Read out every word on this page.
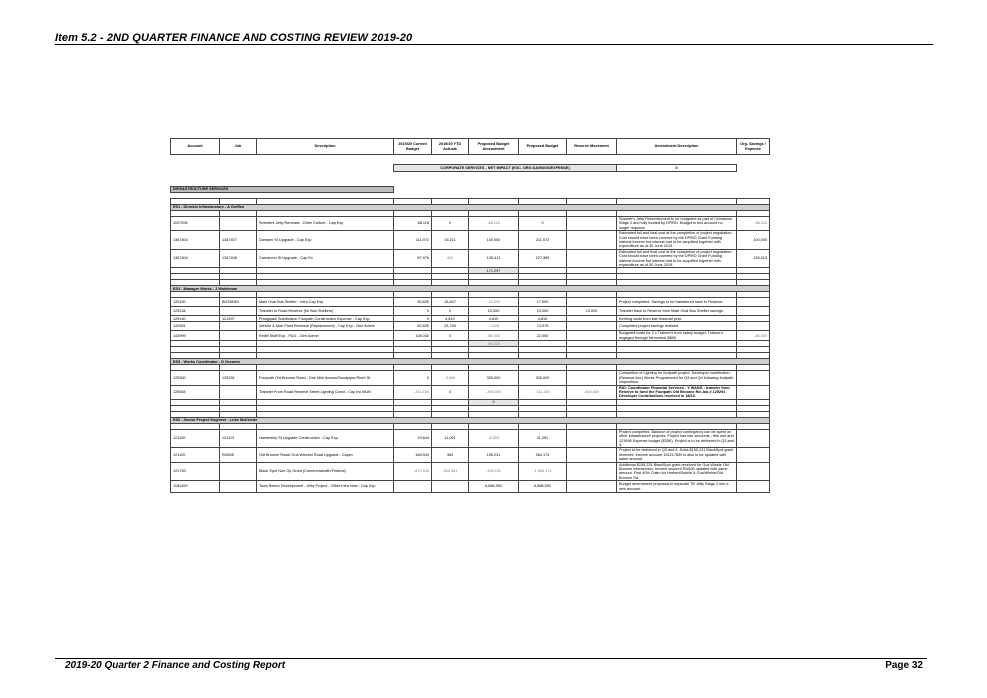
Item 5.2 - 2ND QUARTER FINANCE AND COSTING REVIEW 2019-20
Account	Job	Description	2019/20 Current Budget	2019/20 YTD Actuals	Proposed Budget Amendment	Proposed Budget	Reserve Movement	Amendment Description	Org. Savings / Expense

			CORPORATE SERVICES - NET IMPACT (EXC. ORG.SAVINGS/EXPENSE)					0	

INFRASTRUCTURE SERVICES									

ES1 - Director Infrastructure - A Greffen									

1107208		Streeters Jetty Renewal - Other Culture - Cap Exp	68,116	0	-68,116	0		Streeter's Jetty Refurbishment to be budgeted as part of Chinatown Stage 2 and fully funded by DPIRD. Budget in this account no longer required.	-68,116
1367404	1367407	Dampier St Upgrade - Cap Exp	111,972	16,211	100,000	211,972		Estimated full and final cost at the completion of project negotiation. Cost should have been covered by the DPIRD Grant Funding interest income but interest had to be acquitted together with expenditure as of 30 June 2019.	100,000
1367404	1367408	Carnarvon St Upgrade - Cap Ex	87,976	411	139,413	227,389		Estimated full and final cost at the completion of project negotiation. Cost should have been covered by the DPIRD Grant Funding interest income but interest had to be acquitted together with expenditure as of 30 June 2019.	139,413
					171,297				

ES3 - Manager Works - J Walshman									

125100	BUSN063	Male Oval Bus Shelter - Infra Cap Exp	30,600	15,607	-13,600	17,000		Project completed. Savings to be transferred back to Reserve.	
125134		Transfer to Road Reserve (for Bus Shelters)	0	0	13,000	13,000	13,000	Transfer back to Reserve from Male Oval Bus Shelter savings.	
125140	121597	Frangipani Subdivision Footpath Construction Expense - Cap Exp	0	4,810	4,810	4,810		Kerbing costs from last financial year.	
142551		Vehicle & Mob Plant Renewal (Replacement) - Cap Exp - Gen Admin	82,600	23,794	-7,625	74,975		Completed project savings realised.	
143999		Relief Staff Exp - P&G - Gen Admin	108,000	0	-86,000	22,000		Budgeted costs for 2 x Trainee's from salary budget. Trainee's engaged through Nirrumbuk $86K.	-86,000
					-89,215				

ES5 - Works Coordinator - D Greaves									

125300	125291	Footpath Old Broome Road - One Mile Access/Sandpiper/Short St	0	-3,089	300,000	300,000		Completion of Lighting for footpath project. Developer contribution. (Reserve Acc) Works Programmed for Q3 and Q4 following footpath inspections.	
125064		Transfer From Road Reserve Street Lighting Const - Cap Inc MUN	-411,184	0	-300,000	-111,184	-300,000	RIO: Coordinator Financial Services - Y WANG - transfer from Reserve to fund the Footpath Old Broome Rd Job # 125291 Developer Contributions received in 18/19.	
					0				

ES6 - Senior Project Engineer - Luke McKenzie									

121100	121113	Hamersley St Upgrade Construction - Cap Exp	19,644	11,091	-8,353	11,291		Project completed. Balance of project contingency can be spent on other infrastructure projects. Project has two accounts - this one and 121696 Expense budget ($35K). Project is to be delivered in Q3 and 4.	
121100	RU505	Old Broome Road/ Gus Winckel Road Upgrade - Capex	168,943	364	195,231	364,174		Project to be delivered in Q3 and 4. Extra $195,231 BlackSpot grant received. Income account 151217830 is also to be updated with same amount.	
121763		Black Spot Non Op Grant (Commonwealth/Federal)	-870,943	-544,361	-195,231	-1,066,174		Additional $195,231 BlackSpot grant received for Gus Winkle Old Broome intersection. Income account RU505 updated with same amount. First 40% Claim for Herbert/Saville & Gus/Winkle/Old Broome Rd.	
1181409		Town Beach Development - Jetty Project - Other Infra New - Cap Exp			6,868,592	6,868,592		Budget amendment proposed to separate TB Jetty Stage 2 into a new account.	
2019-20 Quarter 2 Finance and Costing Report	Page 32
